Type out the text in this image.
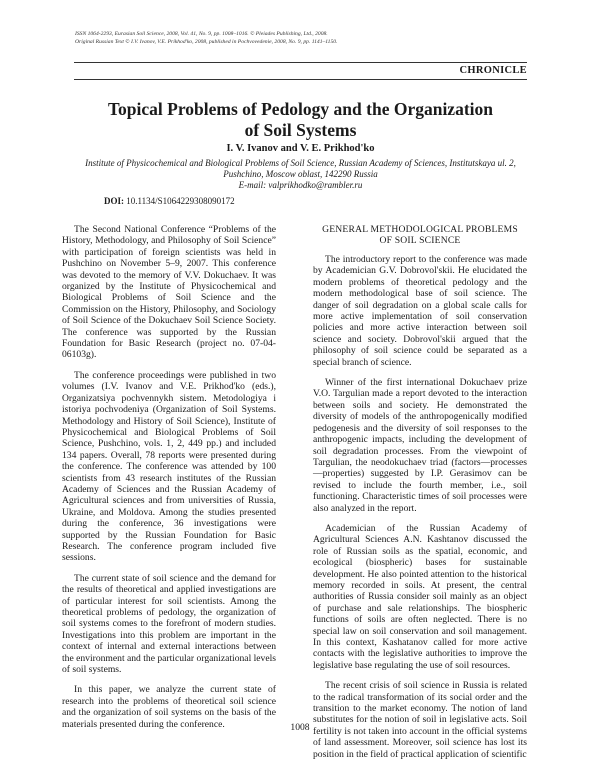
ISSN 1064-2293, Eurasian Soil Science, 2008, Vol. 41, No. 9, pp. 1008–1016. © Pleiades Publishing, Ltd., 2008.
Original Russian Text © I.V. Ivanov, V.E. Prikhod'ko, 2008, published in Pochvovedenie, 2008, No. 9, pp. 1141–1150.
CHRONICLE
Topical Problems of Pedology and the Organization
of Soil Systems
I. V. Ivanov and V. E. Prikhod'ko
Institute of Physicochemical and Biological Problems of Soil Science, Russian Academy of Sciences, Institutskaya ul. 2,
Pushchino, Moscow oblast, 142290 Russia
E-mail: valprikhodko@rambler.ru
DOI: 10.1134/S1064229308090172

The Second National Conference “Problems of the History, Methodology, and Philosophy of Soil Science” with participation of foreign scientists was held in Pushchino on November 5–9, 2007. This conference was devoted to the memory of V.V. Dokuchaev. It was organized by the Institute of Physicochemical and Biological Problems of Soil Science and the Commission on the History, Philosophy, and Sociology of Soil Science of the Dokuchaev Soil Science Society. The conference was supported by the Russian Foundation for Basic Research (project no. 07-04-06103g).

The conference proceedings were published in two volumes (I.V. Ivanov and V.E. Prikhod'ko (eds.), Organizatsiya pochvennykh sistem. Metodologiya i istoriya pochvodeniya (Organization of Soil Systems. Methodology and History of Soil Science), Institute of Physicochemical and Biological Problems of Soil Science, Pushchino, vols. 1, 2, 449 pp.) and included 134 papers. Overall, 78 reports were presented during the conference. The conference was attended by 100 scientists from 43 research institutes of the Russian Academy of Sciences and the Russian Academy of Agricultural sciences and from universities of Russia, Ukraine, and Moldova. Among the studies presented during the conference, 36 investigations were supported by the Russian Foundation for Basic Research. The conference program included five sessions.

The current state of soil science and the demand for the results of theoretical and applied investigations are of particular interest for soil scientists. Among the theoretical problems of pedology, the organization of soil systems comes to the forefront of modern studies. Investigations into this problem are important in the context of internal and external interactions between the environment and the particular organizational levels of soil systems.

In this paper, we analyze the current state of research into the problems of theoretical soil science and the organization of soil systems on the basis of the materials presented during the conference.

GENERAL METHODOLOGICAL PROBLEMS
OF SOIL SCIENCE

The introductory report to the conference was made by Academician G.V. Dobrovol'skii. He elucidated the modern problems of theoretical pedology and the modern methodological base of soil science. The danger of soil degradation on a global scale calls for more active implementation of soil conservation policies and more active interaction between soil science and society. Dobrovol'skii argued that the philosophy of soil science could be separated as a special branch of science.

Winner of the first international Dokuchaev prize V.O. Targulian made a report devoted to the interaction between soils and society. He demonstrated the diversity of models of the anthropogenically modified pedogenesis and the diversity of soil responses to the anthropogenic impacts, including the development of soil degradation processes. From the viewpoint of Targulian, the neodokuchaev triad (factors—processes—properties) suggested by I.P. Gerasimov can be revised to include the fourth member, i.e., soil functioning. Characteristic times of soil processes were also analyzed in the report.

Academician of the Russian Academy of Agricultural Sciences A.N. Kashtanov discussed the role of Russian soils as the spatial, economic, and ecological (biospheric) bases for sustainable development. He also pointed attention to the historical memory recorded in soils. At present, the central authorities of Russia consider soil mainly as an object of purchase and sale relationships. The biospheric functions of soils are often neglected. There is no special law on soil conservation and soil management. In this context, Kashatanov called for more active contacts with the legislative authorities to improve the legislative base regulating the use of soil resources.

The recent crisis of soil science in Russia is related to the radical transformation of its social order and the transition to the market economy. The notion of land substitutes for the notion of soil in legislative acts. Soil fertility is not taken into account in the official systems of land assessment. Moreover, soil science has lost its position in the field of practical application of scientific

1008
